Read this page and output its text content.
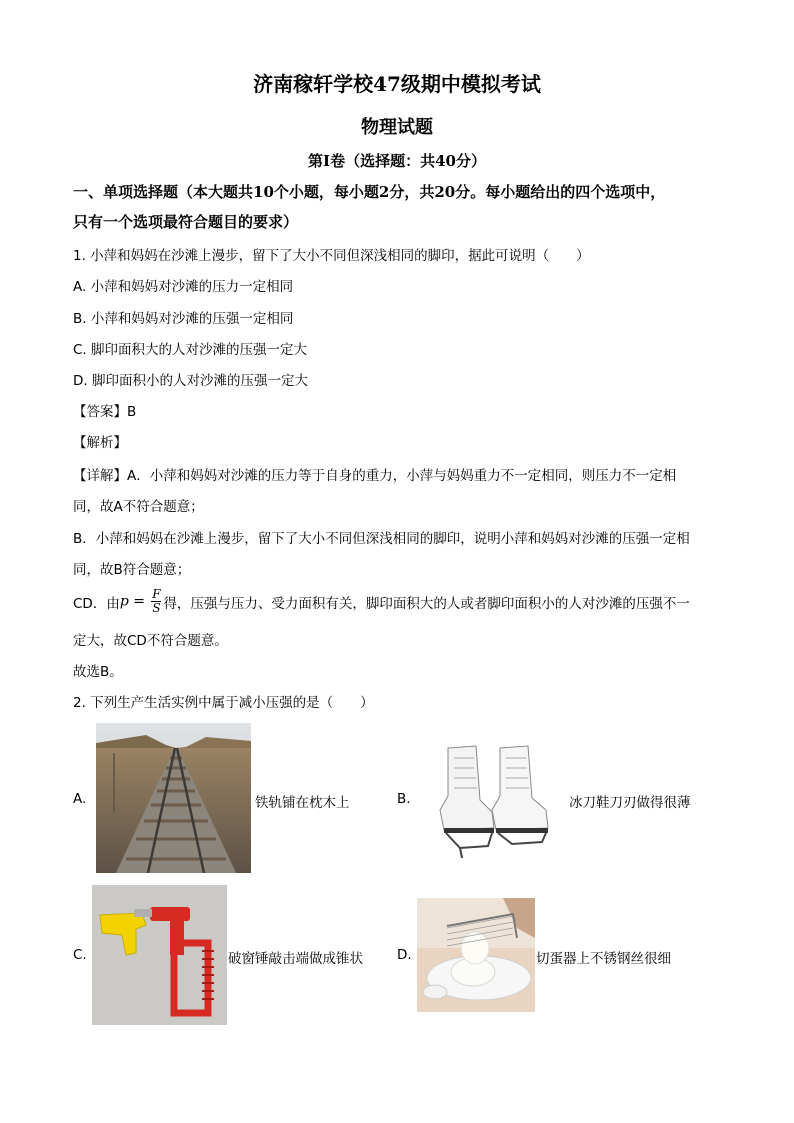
济南稼轩学校47级期中模拟考试
物理试题
第Ⅰ卷（选择题：共40分）
一、单项选择题（本大题共10个小题，每小题2分，共20分。每小题给出的四个选项中，
只有一个选项最符合题目的要求）
1. 小萍和妈妈在沙滩上漫步，留下了大小不同但深浅相同的脚印，据此可说明（　　）
A. 小萍和妈妈对沙滩的压力一定相同
B. 小萍和妈妈对沙滩的压强一定相同
C. 脚印面积大的人对沙滩的压强一定大
D. 脚印面积小的人对沙滩的压强一定大
【答案】B
【解析】
【详解】A．小萍和妈妈对沙滩的压力等于自身的重力，小萍与妈妈重力不一定相同，则压力不一定相
同，故A不符合题意；
B．小萍和妈妈在沙滩上漫步，留下了大小不同但深浅相同的脚印，说明小萍和妈妈对沙滩的压强一定相
同，故B符合题意；
CD．由 $p = \frac{F}{S}$ 得，压强与压力、受力面积有关，脚印面积大的人或者脚印面积小的人对沙滩的压强不一
定大，故CD不符合题意。
故选B。
2. 下列生产生活实例中属于减小压强的是（　　）
A.	铁轨铺在枕木上	B.	冰刀鞋刀刃做得很薄
C.	破窗锤敲击端做成锥状	D.	切蛋器上不锈钢丝很细
